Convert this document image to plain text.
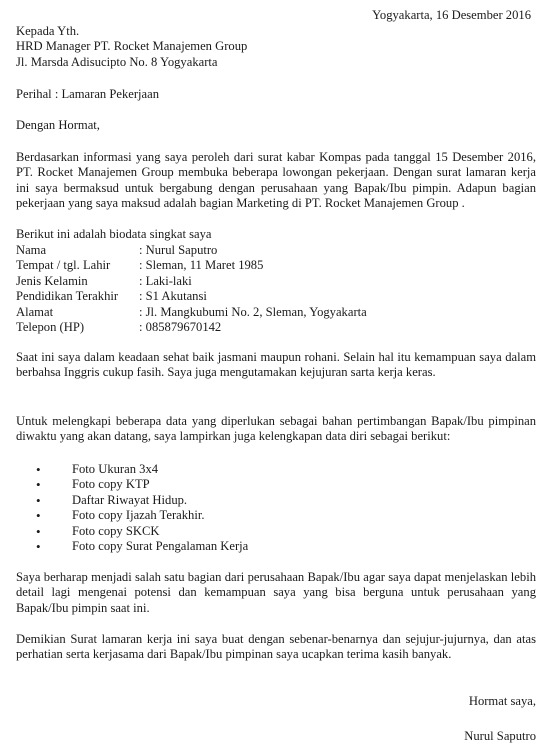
Yogyakarta, 16 Desember 2016
Kepada Yth.
HRD Manager PT. Rocket Manajemen Group
Jl. Marsda Adisucipto No. 8 Yogyakarta
Perihal : Lamaran Pekerjaan
Dengan Hormat,
Berdasarkan informasi yang saya peroleh dari surat kabar Kompas pada tanggal 15 Desember 2016, PT. Rocket Manajemen Group membuka beberapa lowongan pekerjaan. Dengan surat lamaran kerja ini saya bermaksud untuk bergabung dengan perusahaan yang Bapak/Ibu pimpin. Adapun bagian pekerjaan yang saya maksud adalah bagian Marketing di PT. Rocket Manajemen Group .
Berikut ini adalah biodata singkat saya
Nama	: Nurul Saputro
Tempat / tgl. Lahir : Sleman, 11 Maret 1985
Jenis Kelamin	: Laki-laki
Pendidikan Terakhir : S1 Akutansi
Alamat	: Jl. Mangkubumi No. 2, Sleman, Yogyakarta
Telepon (HP)	: 085879670142
Saat ini saya dalam keadaan sehat baik jasmani maupun rohani. Selain hal itu kemampuan saya dalam berbahsa Inggris cukup fasih. Saya juga mengutamakan kejujuran sarta kerja keras.
Untuk melengkapi beberapa data yang diperlukan sebagai bahan pertimbangan Bapak/Ibu pimpinan diwaktu yang akan datang, saya lampirkan juga kelengkapan data diri sebagai berikut:
• Foto Ukuran 3x4
• Foto copy KTP
• Daftar Riwayat Hidup.
• Foto copy Ijazah Terakhir.
• Foto copy SKCK
• Foto copy Surat Pengalaman Kerja
Saya berharap menjadi salah satu bagian dari perusahaan Bapak/Ibu agar saya dapat menjelaskan lebih detail lagi mengenai potensi dan kemampuan saya yang bisa berguna untuk perusahaan yang Bapak/Ibu pimpin saat ini.
Demikian Surat lamaran kerja ini saya buat dengan sebenar-benarnya dan sejujur-jujurnya, dan atas perhatian serta kerjasama dari Bapak/Ibu pimpinan saya ucapkan terima kasih banyak.
Hormat saya,
Nurul Saputro
